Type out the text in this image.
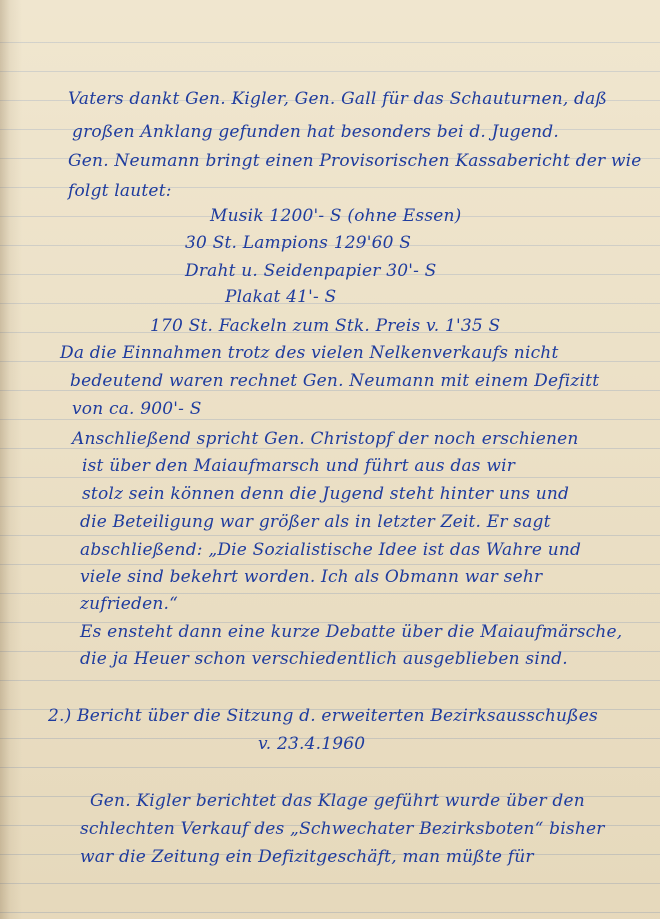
Vaters dankt Gen. Kigler, Gen. Gall für das Schauturnen, daß
großen Anklang gefunden hat besonders bei d. Jugend.
Gen. Neumann bringt einen Provisorischen Kassabericht der wie
folgt lautet:
Musik 1200'- S (ohne Essen)
30 St. Lampions 129'60 S
Draht u. Seidenpapier 30'- S
Plakat 41'- S
170 St. Fackeln zum Stk. Preis v. 1'35 S
Da die Einnahmen trotz des vielen Nelkenverkaufs nicht
bedeutend waren rechnet Gen. Neumann mit einem Defizitt
von ca. 900'- S
Anschließend spricht Gen. Christopf der noch erschienen
ist über den Maiaufmarsch und führt aus das wir
stolz sein können denn die Jugend steht hinter uns und
die Beteiligung war größer als in letzter Zeit. Er sagt
abschließend: „Die Sozialistische Idee ist das Wahre und
viele sind bekehrt worden. Ich als Obmann war sehr
zufrieden.“
Es ensteht dann eine kurze Debatte über die Maiaufmärsche,
die ja Heuer schon verschiedentlich ausgeblieben sind.
2.) Bericht über die Sitzung d. erweiterten Bezirksausschußes
v. 23.4.1960
Gen. Kigler berichtet das Klage geführt wurde über den
schlechten Verkauf des „Schwechater Bezirksboten“ bisher
war die Zeitung ein Defizitgeschäft, man müßte für
